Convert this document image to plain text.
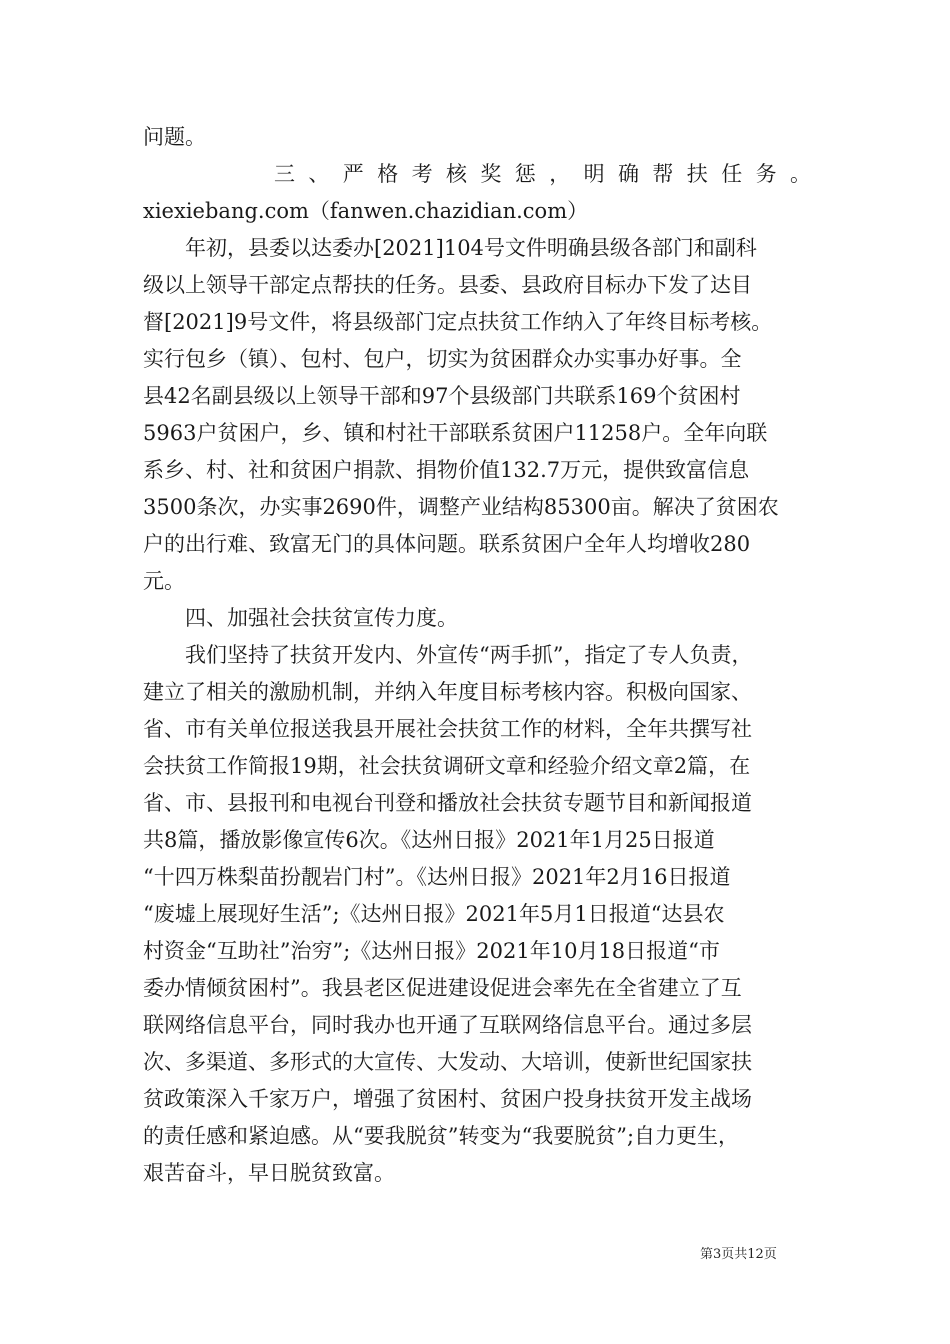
问题。
三、严格考核奖惩，明确帮扶任务。
xiexiebang.com（fanwen.chazidian.com）
　　年初，县委以达委办[2021]104号文件明确县级各部门和副科
级以上领导干部定点帮扶的任务。县委、县政府目标办下发了达目
督[2021]9号文件，将县级部门定点扶贫工作纳入了年终目标考核。
实行包乡（镇）、包村、包户，切实为贫困群众办实事办好事。全
县42名副县级以上领导干部和97个县级部门共联系169个贫困村
5963户贫困户，乡、镇和村社干部联系贫困户11258户。全年向联
系乡、村、社和贫困户捐款、捐物价值132.7万元，提供致富信息
3500条次，办实事2690件，调整产业结构85300亩。解决了贫困农
户的出行难、致富无门的具体问题。联系贫困户全年人均增收280
元。
　　四、加强社会扶贫宣传力度。
　　我们坚持了扶贫开发内、外宣传“两手抓”，指定了专人负责，
建立了相关的激励机制，并纳入年度目标考核内容。积极向国家、
省、市有关单位报送我县开展社会扶贫工作的材料，全年共撰写社
会扶贫工作简报19期，社会扶贫调研文章和经验介绍文章2篇，在
省、市、县报刊和电视台刊登和播放社会扶贫专题节目和新闻报道
共8篇，播放影像宣传6次。《达州日报》2021年1月25日报道
“十四万株梨苗扮靓岩门村”。《达州日报》2021年2月16日报道
“废墟上展现好生活”;《达州日报》2021年5月1日报道“达县农
村资金“互助社”治穷”;《达州日报》2021年10月18日报道“市
委办情倾贫困村”。我县老区促进建设促进会率先在全省建立了互
联网络信息平台，同时我办也开通了互联网络信息平台。通过多层
次、多渠道、多形式的大宣传、大发动、大培训，使新世纪国家扶
贫政策深入千家万户，增强了贫困村、贫困户投身扶贫开发主战场
的责任感和紧迫感。从“要我脱贫”转变为“我要脱贫”;自力更生，
艰苦奋斗，早日脱贫致富。
第3页共12页
